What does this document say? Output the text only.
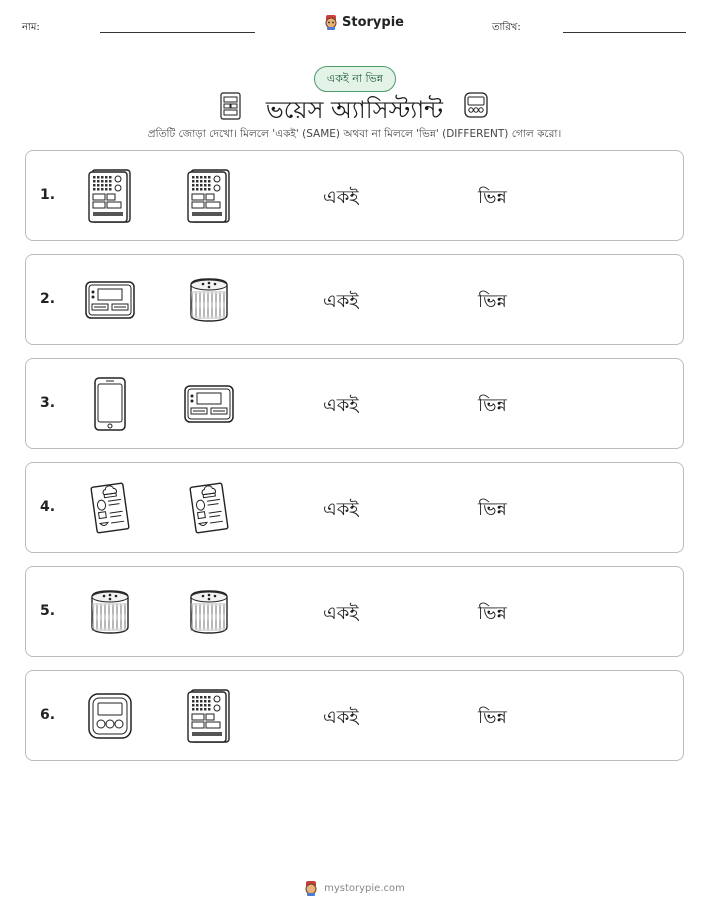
নাম:	Storypie	তারিখ:
একই না ভিন্ন
ভয়েস অ্যাসিস্ট্যান্ট
প্রতিটি জোড়া দেখো। মিললে 'একই' (SAME) অথবা না মিললে 'ভিন্ন' (DIFFERENT) গোল করো।
1.	একই	ভিন্ন
2.	একই	ভিন্ন
3.	একই	ভিন্ন
4.	একই	ভিন্ন
5.	একই	ভিন্ন
6.	একই	ভিন্ন
mystorypie.com
